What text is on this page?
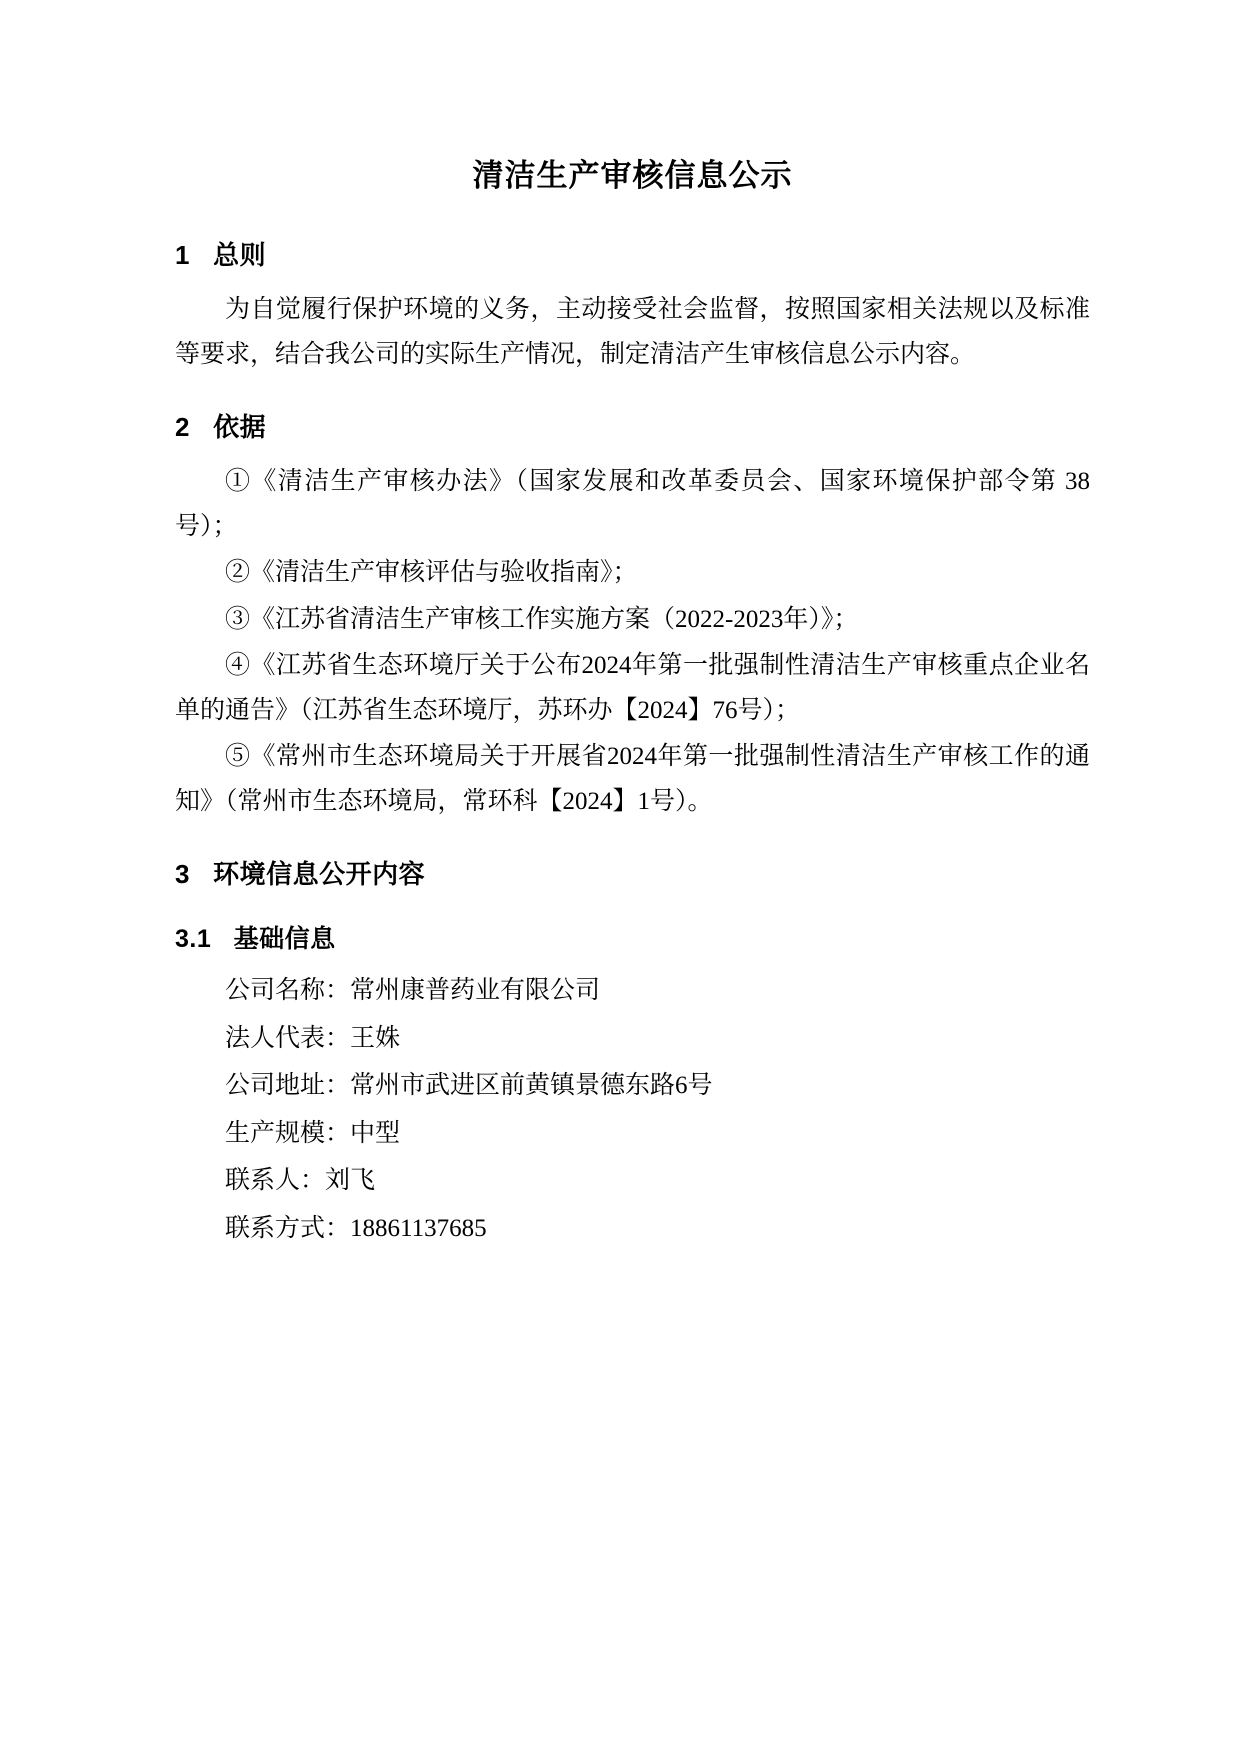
清洁生产审核信息公示
1 总则

为自觉履行保护环境的义务，主动接受社会监督，按照国家相关法规以及标准等要求，结合我公司的实际生产情况，制定清洁产生审核信息公示内容。

2 依据

①《清洁生产审核办法》（国家发展和改革委员会、国家环境保护部令第 38 号）；

②《清洁生产审核评估与验收指南》；

③《江苏省清洁生产审核工作实施方案（2022-2023年）》；

④《江苏省生态环境厅关于公布2024年第一批强制性清洁生产审核重点企业名单的通告》（江苏省生态环境厅，苏环办【2024】76号）；

⑤《常州市生态环境局关于开展省2024年第一批强制性清洁生产审核工作的通知》（常州市生态环境局，常环科【2024】1号）。

3 环境信息公开内容
3.1 基础信息
公司名称：常州康普药业有限公司
法人代表：王姝
公司地址：常州市武进区前黄镇景德东路6号
生产规模：中型
联系人：刘飞
联系方式：18861137685
